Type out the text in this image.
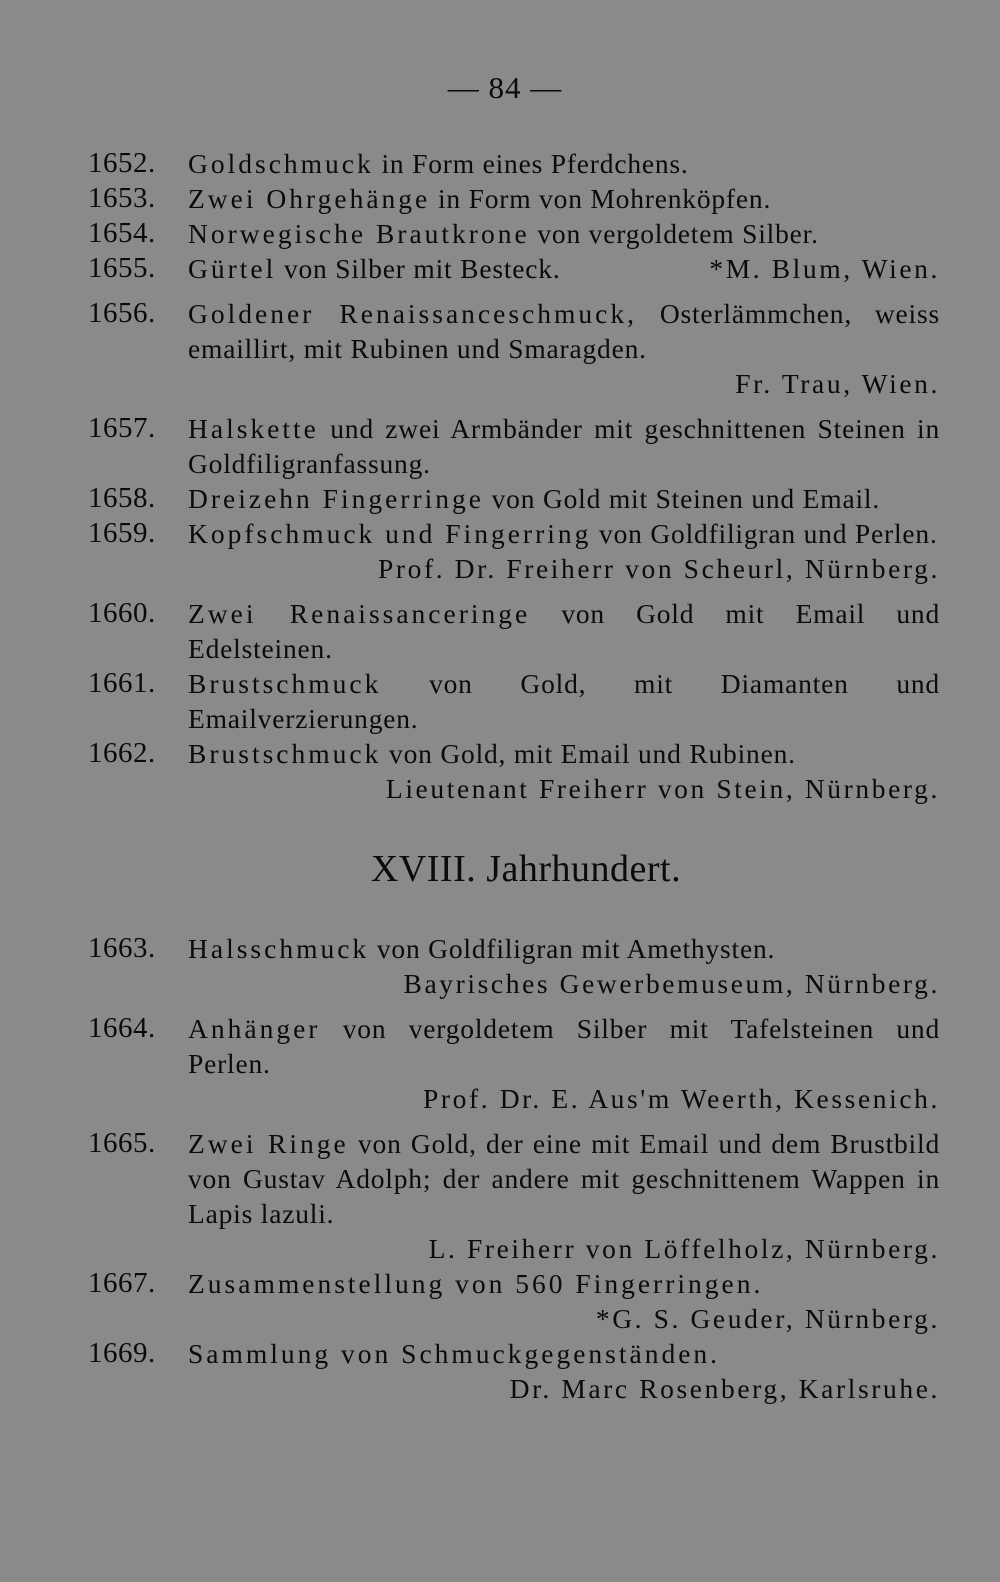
— 84 —
1652.	Goldschmuck in Form eines Pferdchens.
1653.	Zwei Ohrgehänge in Form von Mohrenköpfen.
1654.	Norwegische Brautkrone von vergoldetem Silber.
1655.	Gürtel von Silber mit Besteck.	*M. Blum, Wien.
1656.	Goldener Renaissanceschmuck, Osterlämmchen, weiss emaillirt, mit Rubinen und Smaragden.
Fr. Trau, Wien.
1657.	Halskette und zwei Armbänder mit geschnittenen Steinen in Goldfiligranfassung.
1658.	Dreizehn Fingerringe von Gold mit Steinen und Email.
1659.	Kopfschmuck und Fingerring von Goldfiligran und Perlen.
Prof. Dr. Freiherr von Scheurl, Nürnberg.
1660.	Zwei Renaissanceringe von Gold mit Email und Edelsteinen.
1661.	Brustschmuck von Gold, mit Diamanten und Emailverzierungen.
1662.	Brustschmuck von Gold, mit Email und Rubinen.
Lieutenant Freiherr von Stein, Nürnberg.
XVIII. Jahrhundert.
1663.	Halsschmuck von Goldfiligran mit Amethysten.
Bayrisches Gewerbemuseum, Nürnberg.
1664.	Anhänger von vergoldetem Silber mit Tafelsteinen und Perlen.
Prof. Dr. E. Aus'm Weerth, Kessenich.
1665.	Zwei Ringe von Gold, der eine mit Email und dem Brustbild von Gustav Adolph; der andere mit geschnittenem Wappen in Lapis lazuli.
L. Freiherr von Löffelholz, Nürnberg.
1667.	Zusammenstellung von 560 Fingerringen.
*G. S. Geuder, Nürnberg.
1669.	Sammlung von Schmuckgegenständen.
Dr. Marc Rosenberg, Karlsruhe.
